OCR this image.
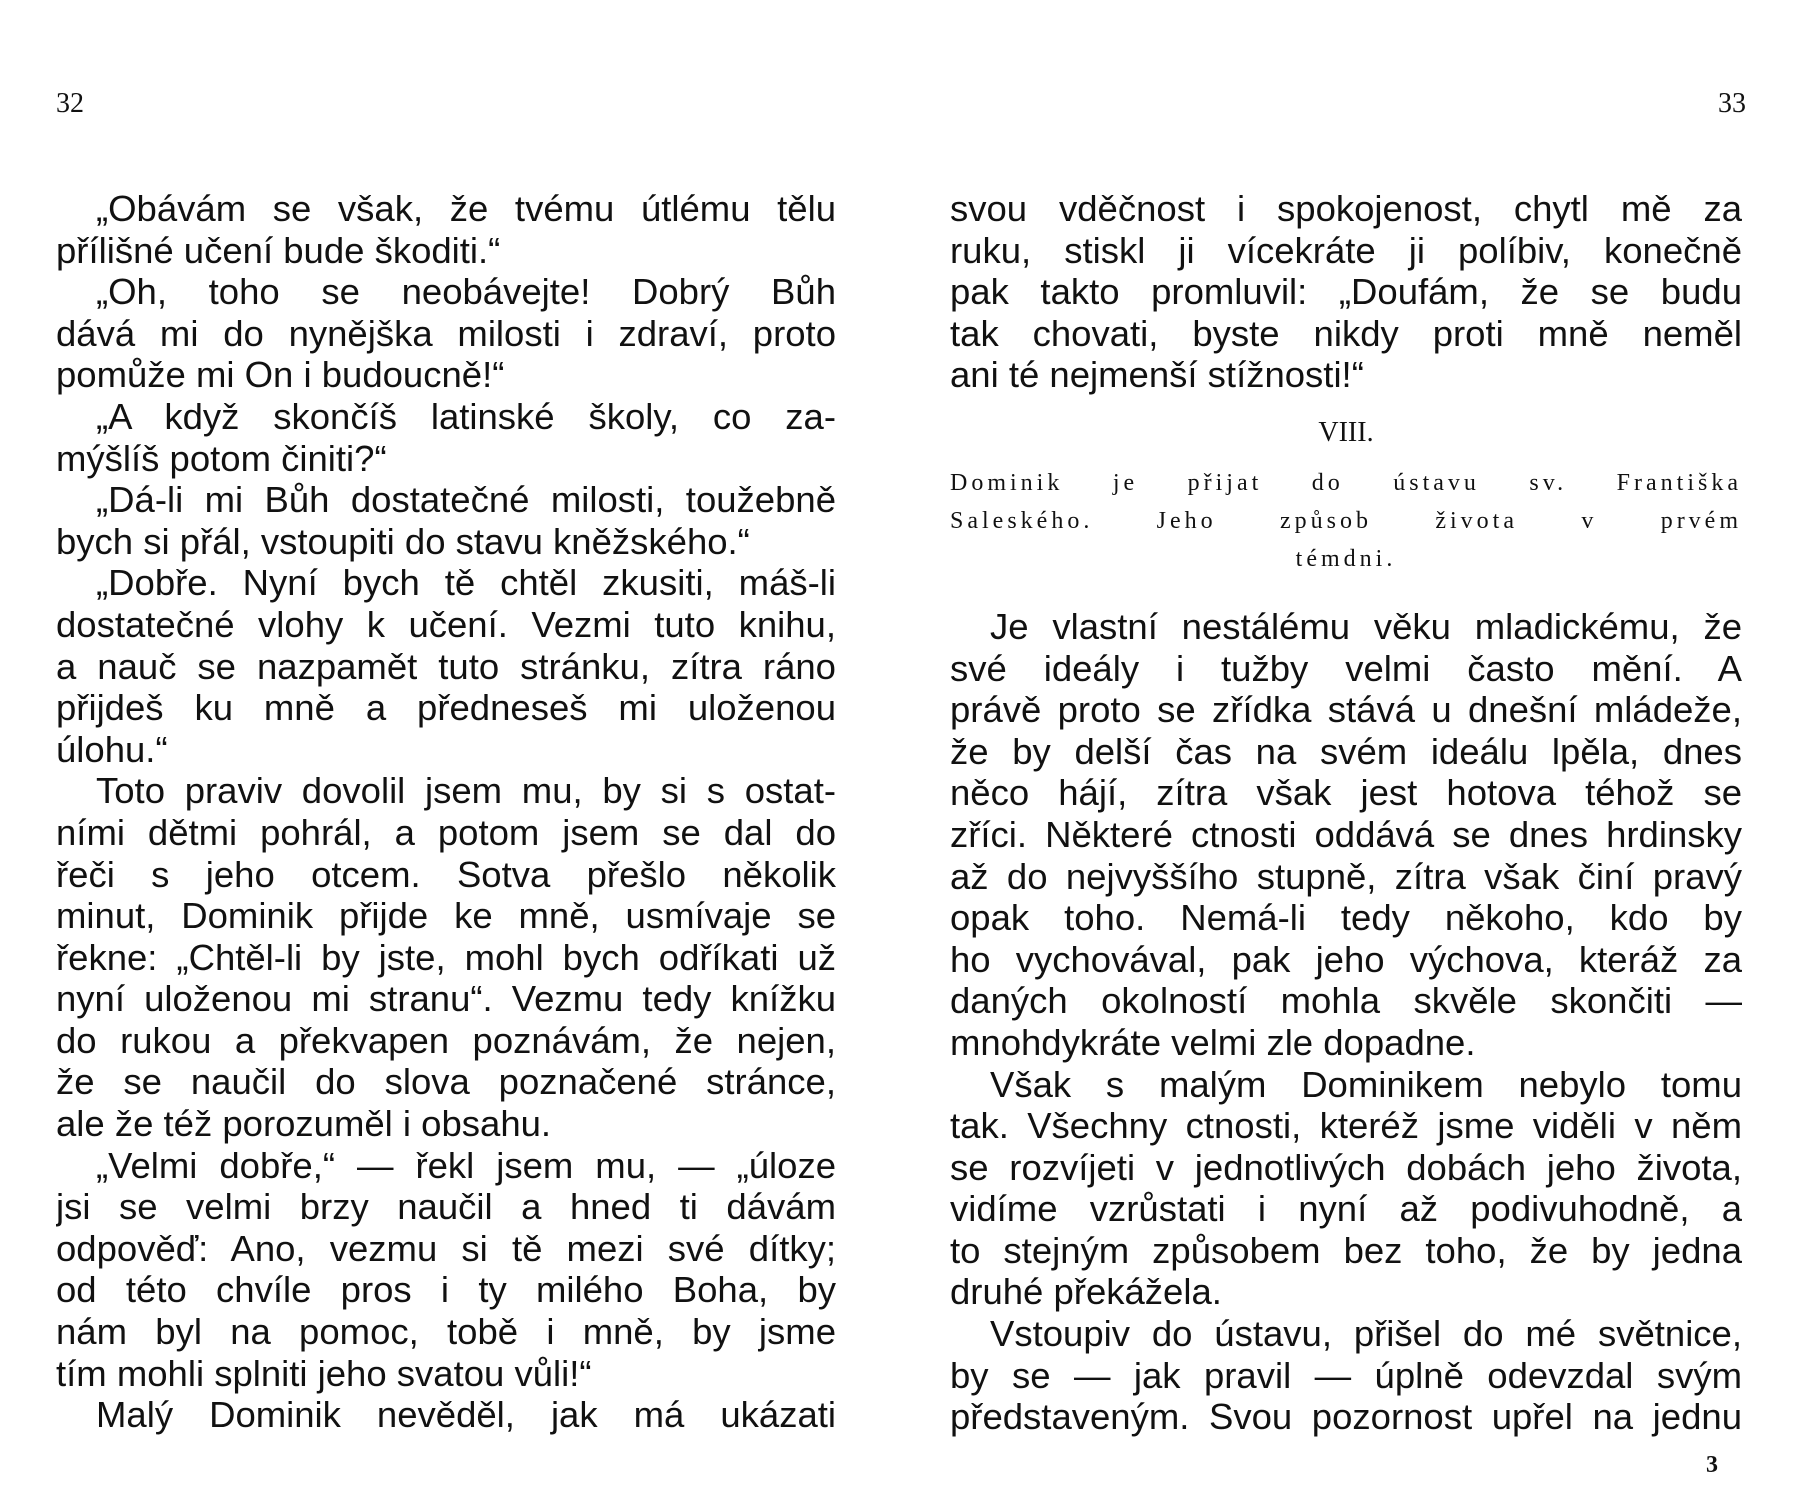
32	33
„Obávám se však, že tvému útlému tělu
přílišné učení bude škoditi.“
„Oh, toho se neobávejte! Dobrý Bůh
dává mi do nynějška milosti i zdraví, proto
pomůže mi On i budoucně!“
„A když skončíš latinské školy, co za-
mýšlíš potom činiti?“
„Dá-li mi Bůh dostatečné milosti, toužebně
bych si přál, vstoupiti do stavu kněžského.“
„Dobře. Nyní bych tě chtěl zkusiti, máš-li
dostatečné vlohy k učení. Vezmi tuto knihu,
a nauč se nazpamět tuto stránku, zítra ráno
přijdeš ku mně a předneseš mi uloženou
úlohu.“
Toto praviv dovolil jsem mu, by si s ostat-
ními dětmi pohrál, a potom jsem se dal do
řeči s jeho otcem. Sotva přešlo několik
minut, Dominik přijde ke mně, usmívaje se
řekne: „Chtěl-li by jste, mohl bych odříkati už
nyní uloženou mi stranu“. Vezmu tedy knížku
do rukou a překvapen poznávám, že nejen,
že se naučil do slova poznačené stránce,
ale že též porozuměl i obsahu.
„Velmi dobře,“ — řekl jsem mu, — „úloze
jsi se velmi brzy naučil a hned ti dávám
odpověď: Ano, vezmu si tě mezi své dítky;
od této chvíle pros i ty milého Boha, by
nám byl na pomoc, tobě i mně, by jsme
tím mohli splniti jeho svatou vůli!“
Malý Dominik nevěděl, jak má ukázati
svou vděčnost i spokojenost, chytl mě za
ruku, stiskl ji vícekráte ji políbiv, konečně
pak takto promluvil: „Doufám, že se budu
tak chovati, byste nikdy proti mně neměl
ani té nejmenší stížnosti!“
VIII.
Dominik je přijat do ústavu sv. Františka
Saleského. Jeho způsob života v prvém
témdni.
Je vlastní nestálému věku mladickému, že
své ideály i tužby velmi často mění. A
právě proto se zřídka stává u dnešní mládeže,
že by delší čas na svém ideálu lpěla, dnes
něco hájí, zítra však jest hotova téhož se
zříci. Některé ctnosti oddává se dnes hrdinsky
až do nejvyššího stupně, zítra však činí pravý
opak toho. Nemá-li tedy někoho, kdo by
ho vychovával, pak jeho výchova, kteráž za
daných okolností mohla skvěle skončiti —
mnohdykráte velmi zle dopadne.
Však s malým Dominikem nebylo tomu
tak. Všechny ctnosti, kteréž jsme viděli v něm
se rozvíjeti v jednotlivých dobách jeho života,
vidíme vzrůstati i nyní až podivuhodně, a
to stejným způsobem bez toho, že by jedna
druhé překážela.
Vstoupiv do ústavu, přišel do mé světnice,
by se — jak pravil — úplně odevzdal svým
představeným. Svou pozornost upřel na jednu
3
